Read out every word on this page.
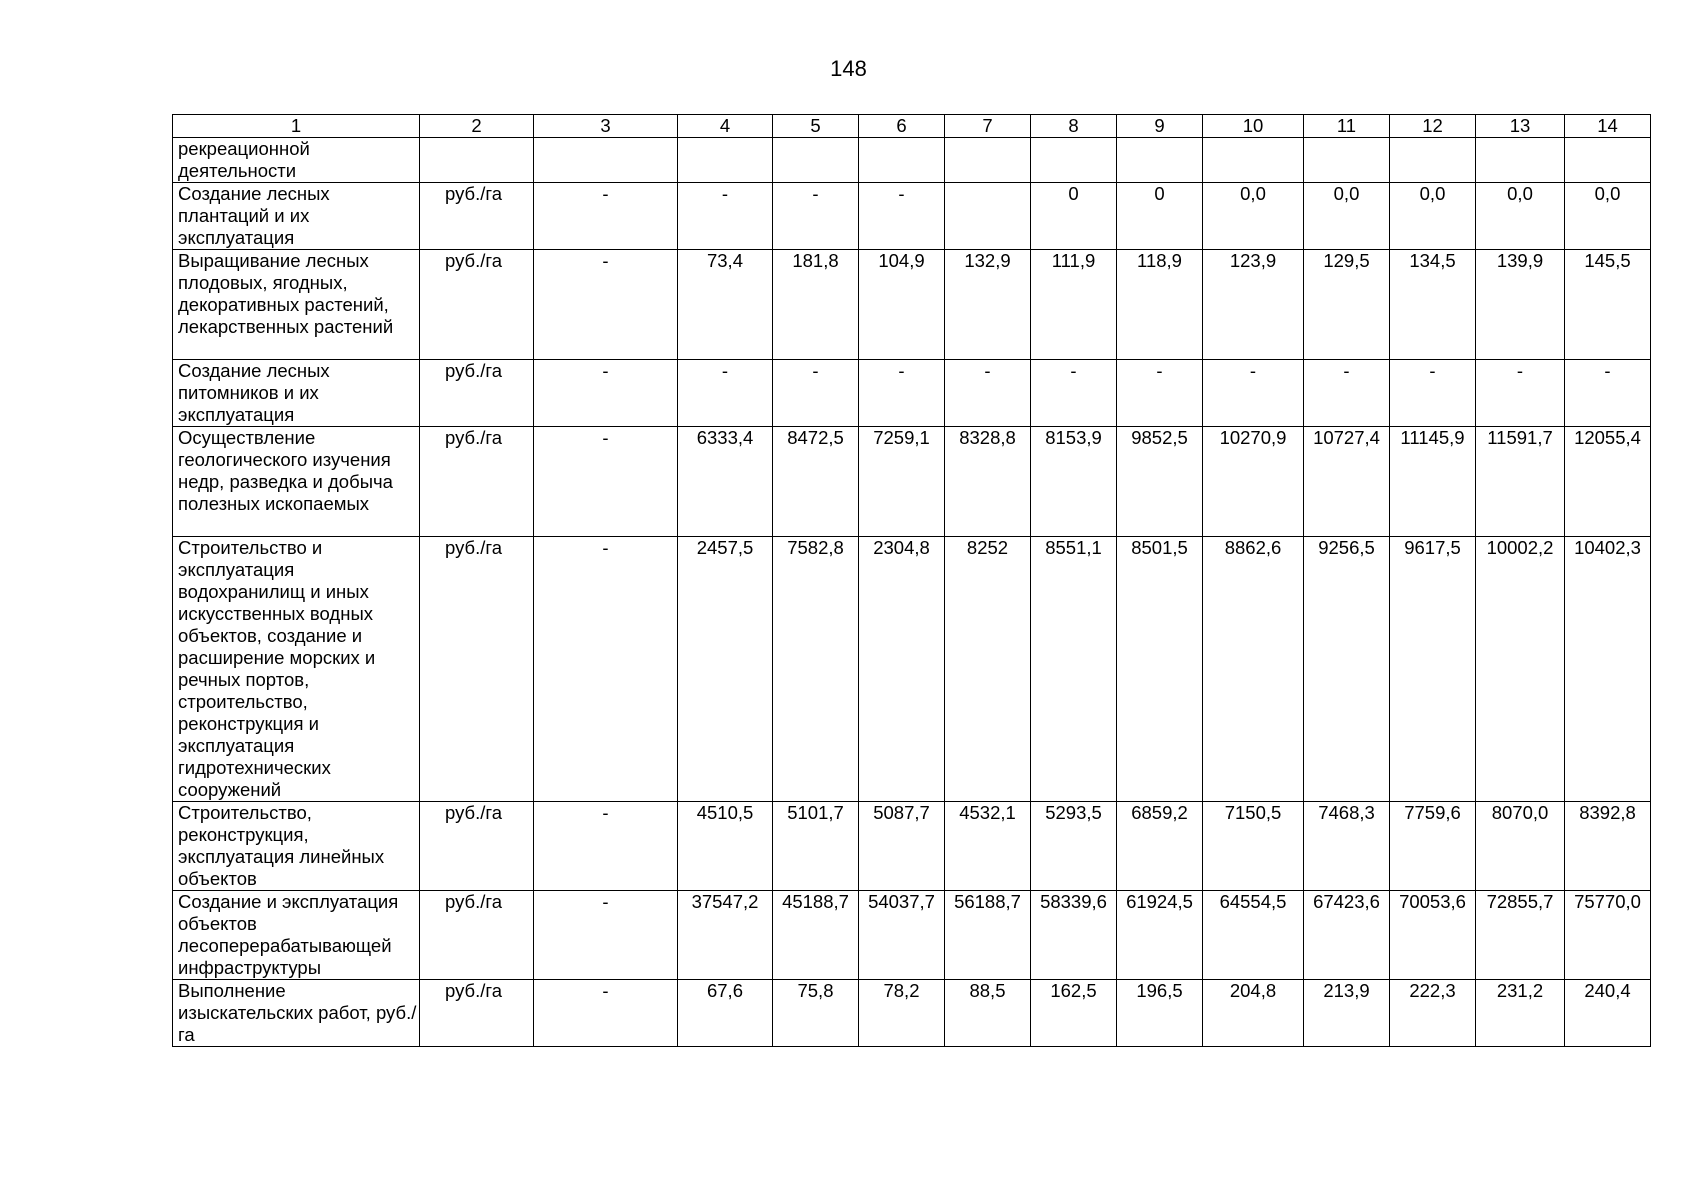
148
1	2	3	4	5	6	7	8	9	10	11	12	13	14
рекреационной деятельности													
Создание лесных плантаций и их эксплуатация	руб./га	-	-	-	-		0	0	0,0	0,0	0,0	0,0	0,0
Выращивание лесных плодовых, ягодных, декоративных растений, лекарственных растений	руб./га	-	73,4	181,8	104,9	132,9	111,9	118,9	123,9	129,5	134,5	139,9	145,5
Создание лесных питомников и их эксплуатация	руб./га	-	-	-	-	-	-	-	-	-	-	-	-
Осуществление геологического изучения недр, разведка и добыча полезных ископаемых	руб./га	-	6333,4	8472,5	7259,1	8328,8	8153,9	9852,5	10270,9	10727,4	11145,9	11591,7	12055,4
Строительство и эксплуатация водохранилищ и иных искусственных водных объектов, создание и расширение морских и речных портов, строительство, реконструкция и эксплуатация гидротехнических сооружений	руб./га	-	2457,5	7582,8	2304,8	8252	8551,1	8501,5	8862,6	9256,5	9617,5	10002,2	10402,3
Строительство, реконструкция, эксплуатация линейных объектов	руб./га	-	4510,5	5101,7	5087,7	4532,1	5293,5	6859,2	7150,5	7468,3	7759,6	8070,0	8392,8
Создание и эксплуатация объектов лесоперерабатывающей инфраструктуры	руб./га	-	37547,2	45188,7	54037,7	56188,7	58339,6	61924,5	64554,5	67423,6	70053,6	72855,7	75770,0
Выполнение изыскательских работ, руб./га	руб./га	-	67,6	75,8	78,2	88,5	162,5	196,5	204,8	213,9	222,3	231,2	240,4
